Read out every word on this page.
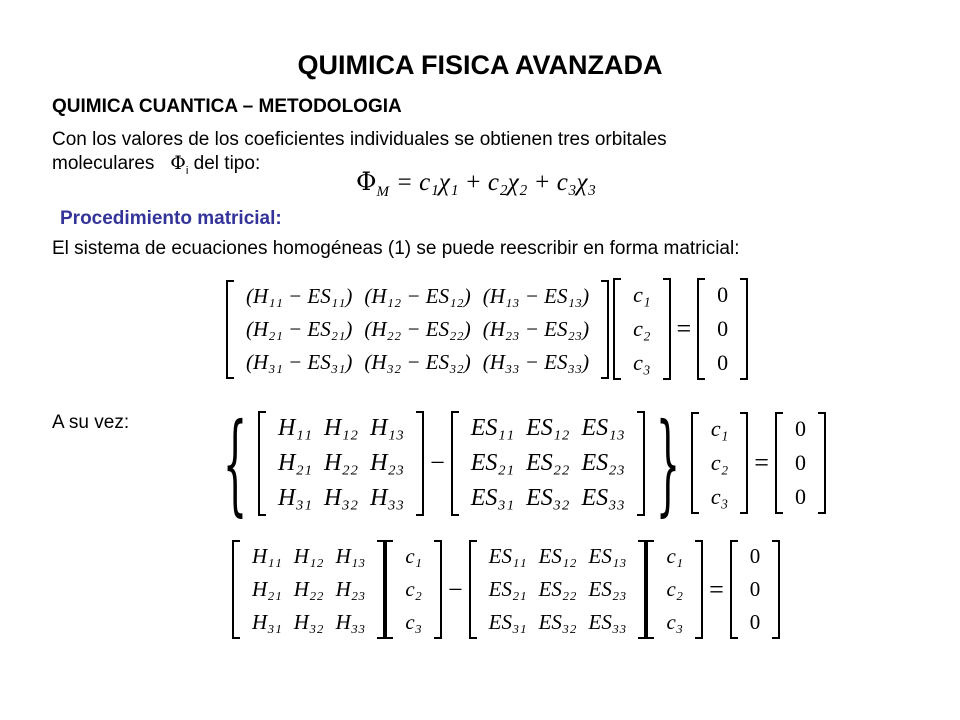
QUIMICA FISICA AVANZADA
QUIMICA CUANTICA – METODOLOGIA
Con los valores de los coeficientes individuales se obtienen tres orbitales
moleculares $\Phi_i$ del tipo:
$\Phi_M = c_1\chi_1 + c_2\chi_2 + c_3\chi_3$
Procedimiento matricial:
El sistema de ecuaciones homogéneas (1) se puede reescribir en forma matricial:
(H₁₁ − ES₁₁) (H₁₂ − ES₁₂) (H₁₃ − ES₁₃)
(H₂₁ − ES₂₁) (H₂₂ − ES₂₂) (H₂₃ − ES₂₃)
(H₃₁ − ES₃₁) (H₃₂ − ES₃₂) (H₃₃ − ES₃₃)
c₁
c₂
c₃
=
0
0
0
A su vez: { H₁₁ H₁₂ H₁₃
H₂₁ H₂₂ H₂₃
H₃₁ H₃₂ H₃₃
−
ES₁₁ ES₁₂ ES₁₃
ES₂₁ ES₂₂ ES₂₃
ES₃₁ ES₃₂ ES₃₃ } c₁
c₂
c₃
=
0
0
0
H₁₁ H₁₂ H₁₃
H₂₁ H₂₂ H₂₃
H₃₁ H₃₂ H₃₃
c₁
c₂
c₃
−
ES₁₁ ES₁₂ ES₁₃
ES₂₁ ES₂₂ ES₂₃
ES₃₁ ES₃₂ ES₃₃
c₁
c₂
c₃
=
0
0
0
